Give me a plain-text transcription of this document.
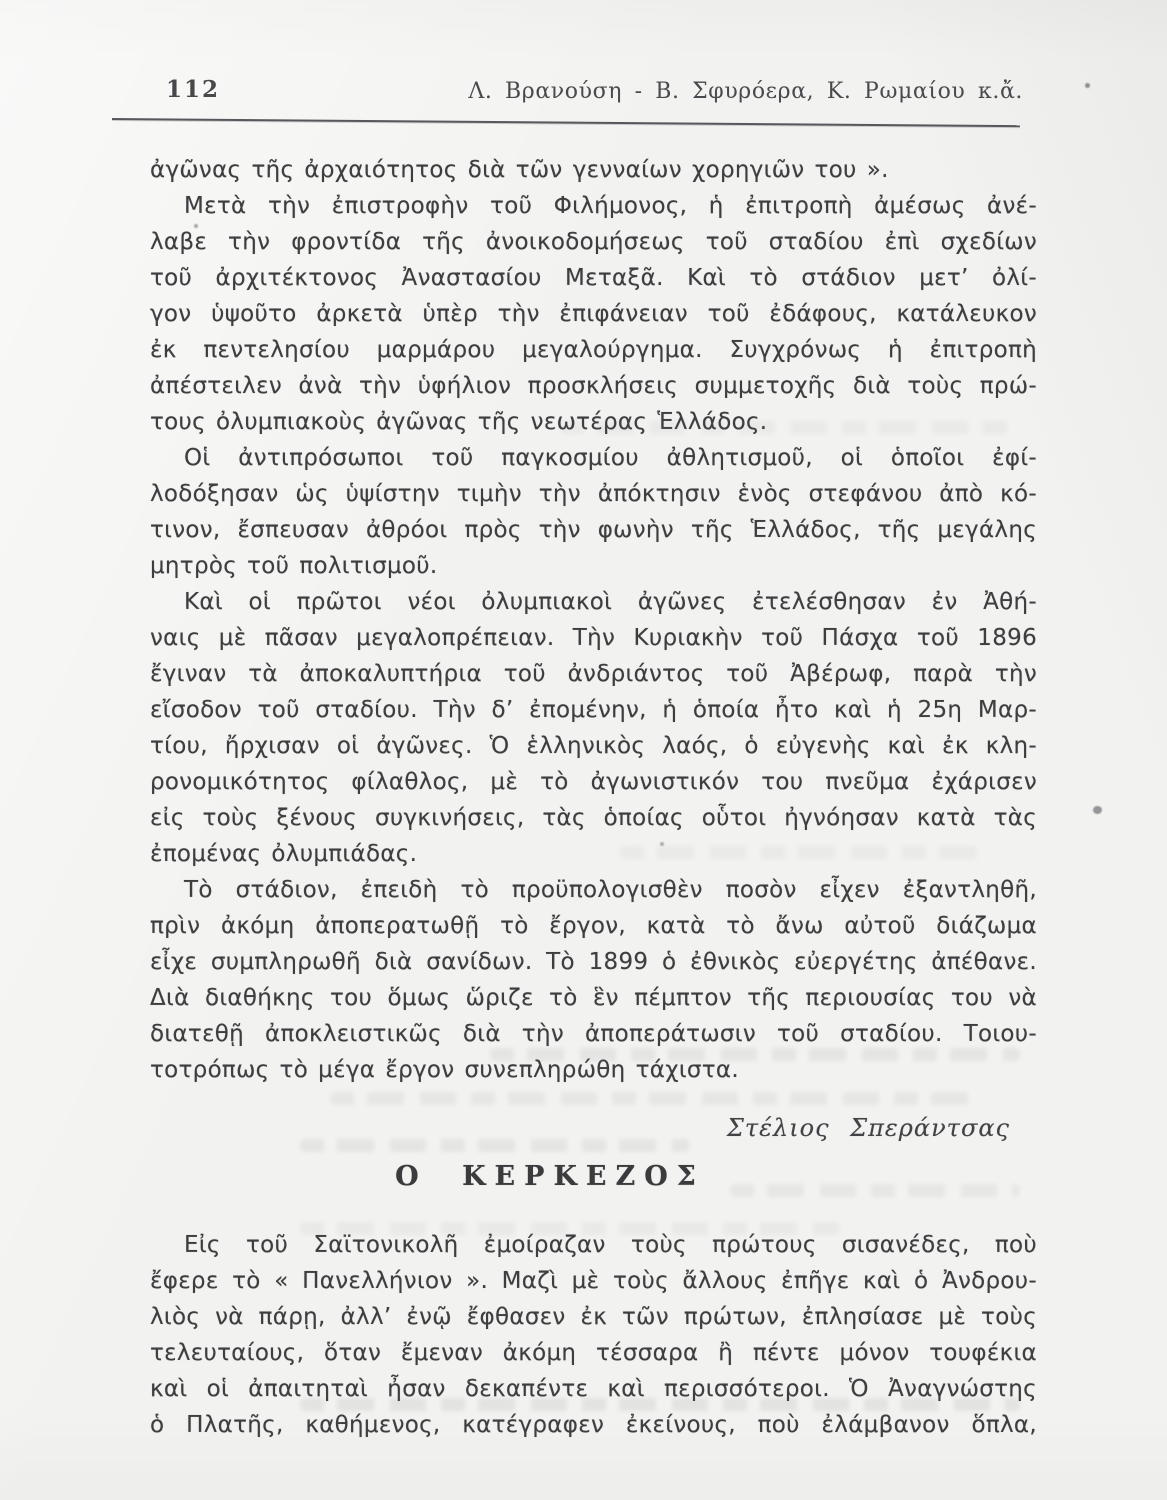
112	Λ. Βρανούση - Β. Σφυρόερα, Κ. Ρωμαίου κ.ἄ.
ἀγῶνας τῆς ἀρχαιότητος διὰ τῶν γενναίων χορηγιῶν του ».
Μετὰ τὴν ἐπιστροφὴν τοῦ Φιλήμονος, ἡ ἐπιτροπὴ ἀμέσως ἀνέ-
λαβε τὴν φροντίδα τῆς ἀνοικοδομήσεως τοῦ σταδίου ἐπὶ σχεδίων
τοῦ ἀρχιτέκτονος Ἀναστασίου Μεταξᾶ. Καὶ τὸ στάδιον μετ’ ὀλί-
γον ὑψοῦτο ἀρκετὰ ὑπὲρ τὴν ἐπιφάνειαν τοῦ ἐδάφους, κατάλευκον
ἐκ πεντελησίου μαρμάρου μεγαλούργημα. Συγχρόνως ἡ ἐπιτροπὴ
ἀπέστειλεν ἀνὰ τὴν ὑφήλιον προσκλήσεις συμμετοχῆς διὰ τοὺς πρώ-
τους ὀλυμπιακοὺς ἀγῶνας τῆς νεωτέρας Ἑλλάδος.
Οἱ ἀντιπρόσωποι τοῦ παγκοσμίου ἀθλητισμοῦ, οἱ ὁποῖοι ἐφί-
λοδόξησαν ὡς ὑψίστην τιμὴν τὴν ἀπόκτησιν ἑνὸς στεφάνου ἀπὸ κό-
τινον, ἔσπευσαν ἀθρόοι πρὸς τὴν φωνὴν τῆς Ἑλλάδος, τῆς μεγάλης
μητρὸς τοῦ πολιτισμοῦ.
Καὶ οἱ πρῶτοι νέοι ὀλυμπιακοὶ ἀγῶνες ἐτελέσθησαν ἐν Ἀθή-
ναις μὲ πᾶσαν μεγαλοπρέπειαν. Τὴν Κυριακὴν τοῦ Πάσχα τοῦ 1896
ἔγιναν τὰ ἀποκαλυπτήρια τοῦ ἀνδριάντος τοῦ Ἀβέρωφ, παρὰ τὴν
εἴσοδον τοῦ σταδίου. Τὴν δ’ ἐπομένην, ἡ ὁποία ἦτο καὶ ἡ 25η Μαρ-
τίου, ἤρχισαν οἱ ἀγῶνες. Ὁ ἑλληνικὸς λαός, ὁ εὐγενὴς καὶ ἐκ κλη-
ρονομικότητος φίλαθλος, μὲ τὸ ἀγωνιστικόν του πνεῦμα ἐχάρισεν
εἰς τοὺς ξένους συγκινήσεις, τὰς ὁποίας οὗτοι ἠγνόησαν κατὰ τὰς
ἐπομένας ὀλυμπιάδας.
Τὸ στάδιον, ἐπειδὴ τὸ προϋπολογισθὲν ποσὸν εἶχεν ἐξαντληθῆ,
πρὶν ἀκόμη ἀποπερατωθῇ τὸ ἔργον, κατὰ τὸ ἄνω αὐτοῦ διάζωμα
εἶχε συμπληρωθῆ διὰ σανίδων. Τὸ 1899 ὁ ἐθνικὸς εὐεργέτης ἀπέθανε.
Διὰ διαθήκης του ὅμως ὥριζε τὸ ἓν πέμπτον τῆς περιουσίας του νὰ
διατεθῇ ἀποκλειστικῶς διὰ τὴν ἀποπεράτωσιν τοῦ σταδίου. Τοιου-
τοτρόπως τὸ μέγα ἔργον συνεπληρώθη τάχιστα.
Στέλιος Σπεράντσας
Ο ΚΕΡΚΕΖΟΣ
Εἰς τοῦ Σαϊτονικολῆ ἐμοίραζαν τοὺς πρώτους σισανέδες, ποὺ
ἔφερε τὸ « Πανελλήνιον ». Μαζὶ μὲ τοὺς ἄλλους ἐπῆγε καὶ ὁ Ἀνδρου-
λιὸς νὰ πάρῃ, ἀλλ’ ἐνῷ ἔφθασεν ἐκ τῶν πρώτων, ἐπλησίασε μὲ τοὺς
τελευταίους, ὅταν ἔμεναν ἀκόμη τέσσαρα ἢ πέντε μόνον τουφέκια
καὶ οἱ ἀπαιτηταὶ ἦσαν δεκαπέντε καὶ περισσότεροι. Ὁ Ἀναγνώστης
ὁ Πλατῆς, καθήμενος, κατέγραφεν ἐκείνους, ποὺ ἐλάμβανον ὅπλα,
